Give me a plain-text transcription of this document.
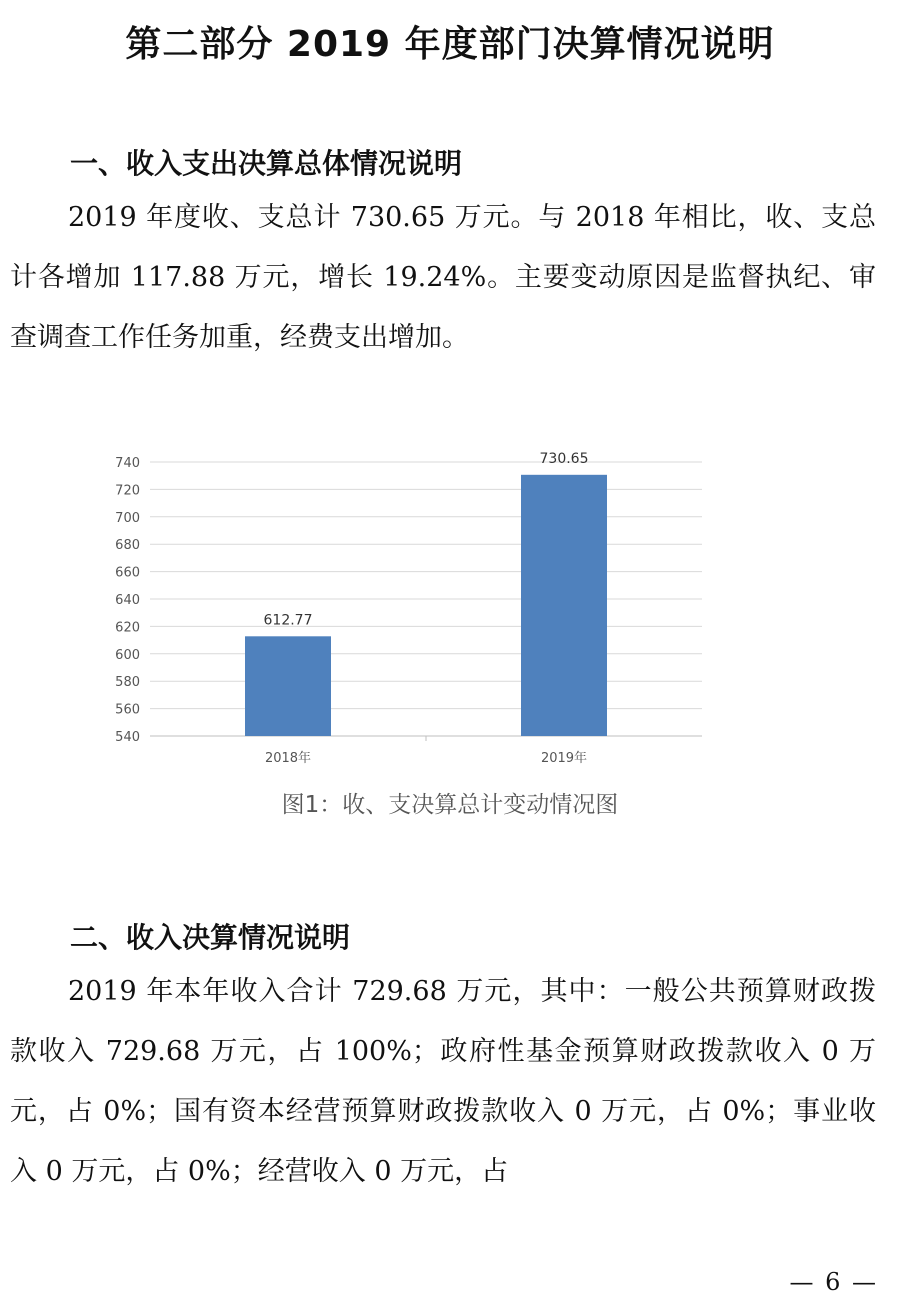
第二部分 2019 年度部门决算情况说明
一、收入支出决算总体情况说明

2019 年度收、支总计 730.65 万元。与 2018 年相比，收、支总计各增加 117.88 万元，增长 19.24%。主要变动原因是监督执纪、审查调查工作任务加重，经费支出增加。

540
560
580
600
620
640
660
680
700
720
740
612.77
2018年
730.65
2019年

图1：收、支决算总计变动情况图

二、收入决算情况说明

2019 年本年收入合计 729.68 万元，其中：一般公共预算财政拨款收入 729.68 万元，占 100%；政府性基金预算财政拨款收入 0 万元，占 0%；国有资本经营预算财政拨款收入 0 万元，占 0%；事业收入 0 万元，占 0%；经营收入 0 万元，占

— 6 —
